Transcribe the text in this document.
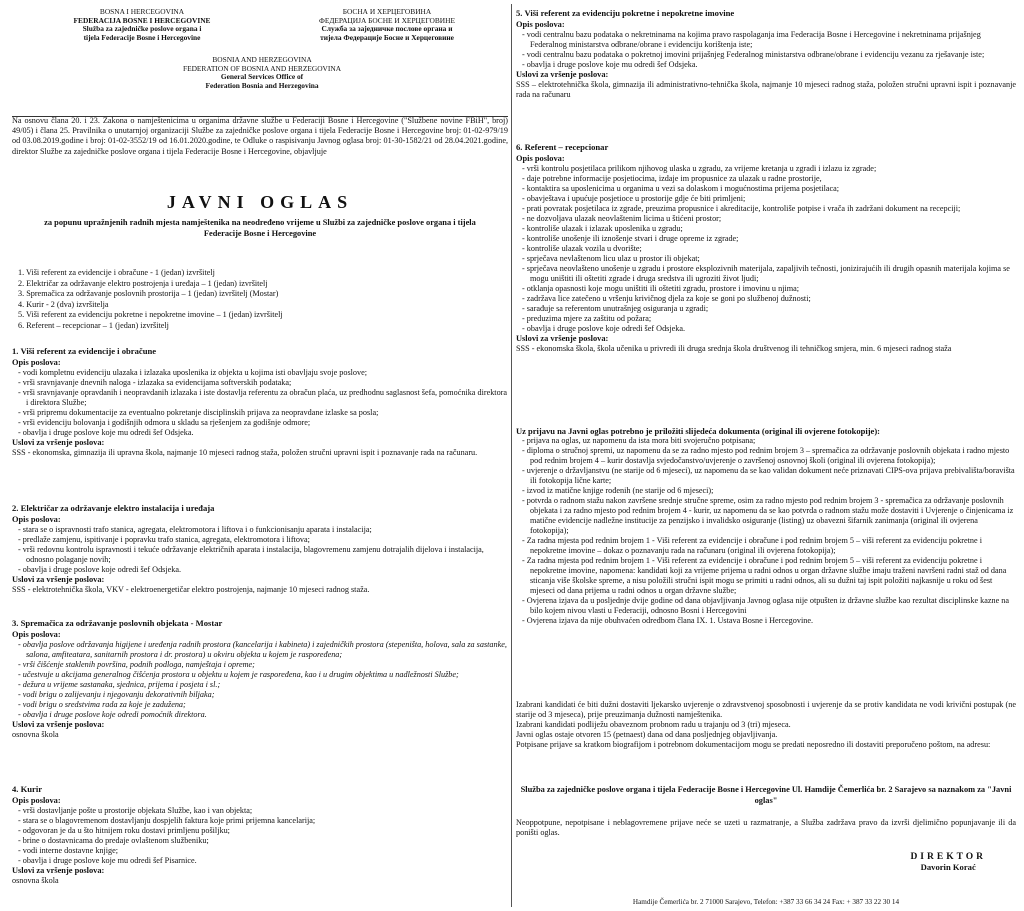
BOSNA I HERCEGOVINA
FEDERACIJA BOSNE I HERCEGOVINE
Služba za zajedničke poslove organa i
tijela Federacije Bosne i Hercegovine
БОСНА И ХЕРЦЕГОВИНА
ФЕДЕРАЦИЈА БОСНЕ И ХЕРЦЕГОВИНЕ
Служба за заједничке послове органа и
тијела Федерације Босне и Херцеговине
BOSNIA AND HERZEGOVINA
FEDERATION OF BOSNIA AND HERZEGOVINA
General Services Office of
Federation Bosnia and Herzegovina

Na osnovu člana 20. i 23. Zakona o namještenicima u organima državne službe u Federaciji Bosne i Hercegovine ("Službene novine FBiH", broj) 49/05) i člana 25. Pravilnika o unutarnjoj organizaciji Službe za zajedničke poslove organa i tijela Federacije Bosne i Hercegovine broj: 01-02-979/19 od 03.08.2019.godine i broj: 01-02-3552/19 od 16.01.2020.godine, te Odluke o raspisivanju Javnog oglasa broj: 01-30-1582/21 od 28.04.2021.godine, direktor Službe za zajedničke poslove organa i tijela Federacije Bosne i Hercegovine, objavljuje

JAVNI OGLAS
za popunu upražnjenih radnih mjesta namještenika na neodređeno vrijeme u Službi za zajedničke poslove organa i tijela Federacije Bosne i Hercegovine
1. Viši referent za evidencije i obračune - 1 (jedan) izvršitelj
2. Električar za održavanje elektro postrojenja i uređaja – 1 (jedan) izvršitelj
3. Spremačica za održavanje poslovnih prostorija – 1 (jedan) izvršitelj (Mostar)
4. Kurir - 2 (dva) izvršitelja
5. Viši referent za evidenciju pokretne i nepokretne imovine – 1 (jedan) izvršitelj
6. Referent – recepcionar – 1 (jedan) izvršitelj
1. Viši referent za evidencije i obračune

Opis poslova:

- vodi kompletnu evidenciju ulazaka i izlazaka uposlenika iz objekta u kojima isti obavljaju svoje poslove;
- vrši sravnjavanje dnevnih naloga - izlazaka sa evidencijama softverskih podataka;
- vrši sravnjavanje opravdanih i neopravdanih izlazaka i iste dostavlja referentu za obračun plaća, uz predhodnu saglasnost šefa, pomoćnika direktora i direktora Službe;
- vrši pripremu dokumentacije za eventualno pokretanje disciplinskih prijava za neopravdane izlaske sa posla;
- vrši evidenciju bolovanja i godišnjih odmora u skladu sa rješenjem za godišnje odmore;
- obavlja i druge poslove koje mu odredi šef Odsjeka.

Uslovi za vršenje poslova:

SSS - ekonomska, gimnazija ili upravna škola, najmanje 10 mjeseci radnog staža, položen stručni upravni ispit i poznavanje rada na računaru.

2. Električar za održavanje elektro instalacija i uređaja

Opis poslova:

- stara se o ispravnosti trafo stanica, agregata, elektromotora i liftova i o funkcionisanju aparata i instalacija;
- predlaže zamjenu, ispitivanje i popravku trafo stanica, agregata, elektromotora i liftova;
- vrši redovnu kontrolu ispravnosti i tekuće održavanje električnih aparata i instalacija, blagovremenu zamjenu dotrajalih dijelova i instalacija, odnosno polaganje novih;
- obavlja i druge poslove koje odredi šef Odsjeka.

Uslovi za vršenje poslova:

SSS - elektrotehnička škola, VKV - elektroenergetičar elektro postrojenja, najmanje 10 mjeseci radnog staža.

3. Spremačica za održavanje poslovnih objekata - Mostar

Opis poslova:

- obavlja poslove održavanja higijene i uređenja radnih prostora (kancelarija i kabineta) i zajedničkih prostora (stepeništa, holova, sala za sastanke, salona, amfiteatara, sanitarnih prostora i dr. prostora) u okviru objekta u kojem je raspoređena;
- vrši čišćenje staklenih površina, podnih podloga, namještaja i opreme;
- učestvuje u akcijama generalnog čišćenja prostora u objektu u kojem je raspoređena, kao i u drugim objektima u nadležnosti Službe;
- dežura u vrijeme sastanaka, sjednica, prijema i posjeta i sl.;
- vodi brigu o zalijevanju i njegovanju dekorativnih biljaka;
- vodi brigu o sredstvima rada za koje je zadužena;
- obavlja i druge poslove koje odredi pomoćnik direktora.

Uslovi za vršenje poslova:

osnovna škola

4. Kurir

Opis poslova:

- vrši dostavljanje pošte u prostorije objekata Službe, kao i van objekta;
- stara se o blagovremenom dostavljanju dospjelih faktura koje primi prijemna kancelarija;
- odgovoran je da u što hitnijem roku dostavi primljenu pošiljku;
- brine o dostavnicama do predaje ovlaštenom službeniku;
- vodi interne dostavne knjige;
- obavlja i druge poslove koje mu odredi šef Pisarnice.

Uslovi za vršenje poslova:

osnovna škola

5. Viši referent za evidenciju pokretne i nepokretne imovine

Opis poslova:

- vodi centralnu bazu podataka o nekretninama na kojima pravo raspolaganja ima Federacija Bosne i Hercegovine i nekretninama prijašnjeg Federalnog ministarstva odbrane/obrane i evidenciju korištenja iste;
- vodi centralnu bazu podataka o pokretnoj imovini prijašnjeg Federalnog ministarstva odbrane/obrane i evidenciju vezanu za rješavanje iste;
- obavlja i druge poslove koje mu odredi šef Odsjeka.

Uslovi za vršenje poslova:

SSS – elektrotehnička škola, gimnazija ili administrativno-tehnička škola, najmanje 10 mjeseci radnog staža, položen stručni upravni ispit i poznavanje rada na računaru

6. Referent – recepcionar

Opis poslova:

- vrši kontrolu posjetilaca prilikom njihovog ulaska u zgradu, za vrijeme kretanja u zgradi i izlazu iz zgrade;
- daje potrebne informacije posjetiocima, izdaje im propusnice za ulazak u radne prostorije,
- kontaktira sa uposlenicima u organima u vezi sa dolaskom i mogućnostima prijema posjetilaca;
- obavještava i upućuje posjetioce u prostorije gdje će biti primljeni;
- prati povratak posjetilaca iz zgrade, preuzima propusnice i akreditacije, kontroliše potpise i vrača ih zadržani dokument na recepciji;
- ne dozvoljava ulazak neovlaštenim licima u štićeni prostor;
- kontroliše ulazak i izlazak uposlenika u zgradu;
- kontroliše unošenje ili iznošenje stvari i druge opreme iz zgrade;
- kontroliše ulazak vozila u dvorište;
- sprječava nevlaštenom licu ulaz u prostor ili objekat;
- sprječava neovlašteno unošenje u zgradu i prostore eksplozivnih materijala, zapaljivih tečnosti, jonizirajućih ili drugih opasnih materijala kojima se mogu uništiti ili oštetiti zgrade i druga sredstva ili ugroziti život ljudi;
- otklanja opasnosti koje mogu uništiti ili oštetiti zgradu, prostore i imovinu u njima;
- zadržava lice zatečeno u vršenju krivičnog djela za koje se goni po službenoj dužnosti;
- sarađuje sa referentom unutrašnjeg osiguranja u zgradi;
- preduzima mjere za zaštitu od požara;
- obavlja i druge poslove koje odredi šef Odsjeka.

Uslovi za vršenje poslova:

SSS - ekonomska škola, škola učenika u privredi ili druga srednja škola društvenog ili tehničkog smjera, min. 6 mjeseci radnog staža

Uz prijavu na Javni oglas potrebno je priložiti slijedeća dokumenta (original ili ovjerene fotokopije):

- prijava na oglas, uz napomenu da ista mora biti svojeručno potpisana;
- diploma o stručnoj spremi, uz napomenu da se za radno mjesto pod rednim brojem 3 – spremačica za održavanje poslovnih objekata i radno mjesto pod rednim brojem 4 – kurir dostavlja svjedočanstvo/uvjerenje o završenoj osnovnoj školi (original ili ovjerena fotokopija);
- uvjerenje o državljanstvu (ne starije od 6 mjeseci), uz napomenu da se kao validan dokument neće priznavati CIPS-ova prijava prebivališta/boravišta ili fotokopija lične karte;
- izvod iz matične knjige rođenih (ne starije od 6 mjeseci);
- potvrda o radnom stažu nakon završene srednje stručne spreme, osim za radno mjesto pod rednim brojem 3 - spremačica za održavanje poslovnih objekata i za radno mjesto pod rednim brojem 4 - kurir, uz napomenu da se kao potvrda o radnom stažu može dostaviti i Uvjerenje o činjenicama iz matične evidencije nadležne institucije za penzijsko i invalidsko osiguranje (listing) uz obavezni šifarnik zanimanja (original ili ovjerena fotokopija);
- Za radna mjesta pod rednim brojem 1 - Viši referent za evidencije i obračune i pod rednim brojem 5 – viši referent za evidenciju pokretne i nepokretne imovine – dokaz o poznavanju rada na računaru (original ili ovjerena fotokopija);
- Za radna mjesta pod rednim brojem 1 - Viši referent za evidencije i obračune i pod rednim brojem 5 – viši referent za evidenciju pokretne i nepokretne imovine, napomena: kandidati koji za vrijeme prijema u radni odnos u organ državne službe imaju traženi navršeni radni staž od dana sticanja više školske spreme, a nisu položili stručni ispit mogu se primiti u radni odnos, ali su dužni taj ispit položiti najkasnije u roku od šest mjeseci od dana prijema u radni odnos u organ državne službe;
- Ovjerena izjava da u posljednje dvije godine od dana objavljivanja Javnog oglasa nije otpušten iz državne službe kao rezultat disciplinske kazne na bilo kojem nivou vlasti u Federaciji, odnosno Bosni i Hercegovini
- Ovjerena izjava da nije obuhvaćen odredbom člana IX. 1. Ustava Bosne i Hercegovine.

Izabrani kandidati će biti dužni dostaviti ljekarsko uvjerenje o zdravstvenoj sposobnosti i uvjerenje da se protiv kandidata ne vodi krivični postupak (ne starije od 3 mjeseca), prije preuzimanja dužnosti namještenika.

Izabrani kandidati podliježu obaveznom probnom radu u trajanju od 3 (tri) mjeseca.

Javni oglas ostaje otvoren 15 (petnaest) dana od dana posljednjeg objavljivanja.

Potpisane prijave sa kratkom biografijom i potrebnom dokumentacijom mogu se predati neposredno ili dostaviti preporučeno poštom, na adresu:

Služba za zajedničke poslove organa i tijela Federacije Bosne i Hercegovine Ul. Hamdije Čemerlića br. 2 Sarajevo sa naznakom za "Javni oglas"

Neoppotpune, nepotpisane i neblagovremene prijave neće se uzeti u razmatranje, a Služba zadržava pravo da izvrši djelimično popunjavanje ili da poništi oglas.

DIREKTOR
Davorin Korać
Hamdije Čemerlića br. 2 71000 Sarajevo, Telefon: +387 33 66 34 24 Fax: + 387 33 22 30 14
